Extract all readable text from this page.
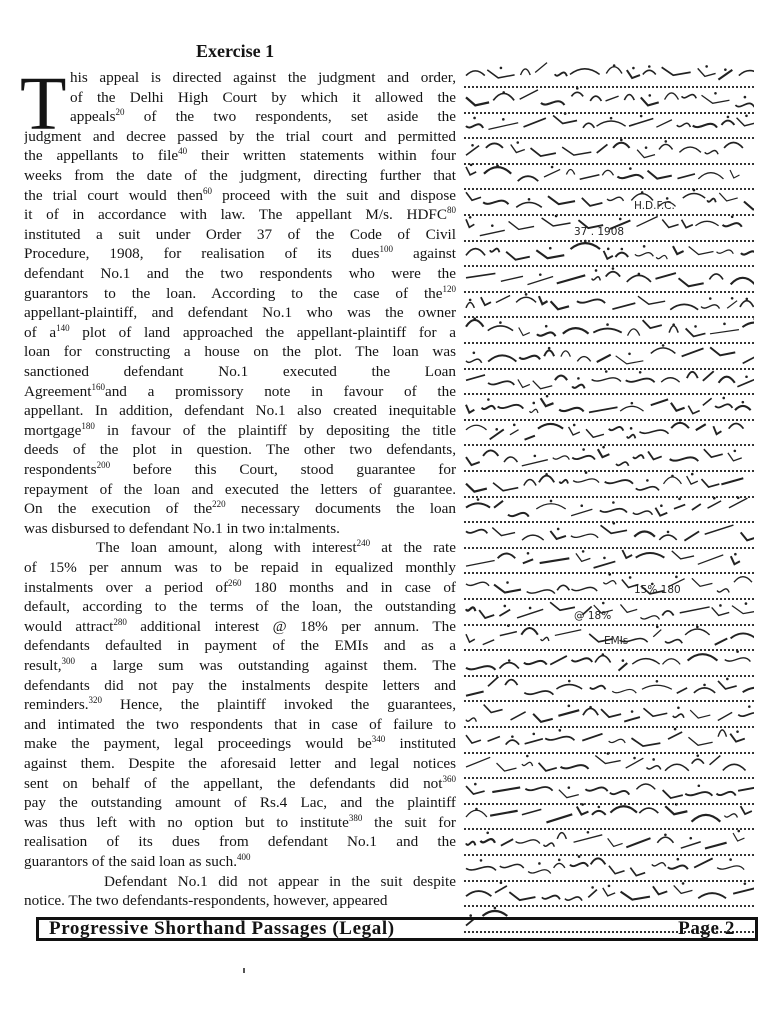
Exercise 1
T his appeal is directed against the judgment and order,
of the Delhi High Court by which it allowed the
appeals$^{20}$ of the two respondents, set aside the
judgment and decree passed by the trial court and permitted
the appellants to file$^{40}$ their written statements within four
weeks from the date of the judgment, directing further that
the trial court would then$^{60}$ proceed with the suit and dispose
it of in accordance with law. The appellant M/s. HDFC$^{80}$
instituted a suit under Order 37 of the Code of Civil
Procedure, 1908, for realisation of its dues$^{100}$ against
defendant No.1 and the two respondents who were the
guarantors to the loan. According to the case of the$^{120}$
appellant-plaintiff, and defendant No.1 who was the owner
of $a^{140}$ plot of land approached the appellant-plaintiff for a
loan for constructing a house on the plot. The loan was
sanctioned defendant No.1 executed the Loan
Agreement$^{160}$and a promissory note in favour of the
appellant. In addition, defendant No.1 also created inequitable
mortgage$^{180}$ in favour of the plaintiff by depositing the title
deeds of the plot in question. The other two defendants,
respondents$^{200}$ before this Court, stood guarantee for
repayment of the loan and executed the letters of guarantee.
On the execution of the$^{220}$ necessary documents the loan
was disbursed to defendant No.1 in two in:talments.
The loan amount, along with interest$^{240}$ at the rate
of 15% per annum was to be repaid in equalized monthly
instalments over a period $of^{260}$ 180 months and in case of
default, according to the terms of the loan, the outstanding
would attract$^{280}$ additional interest @ 18% per annum. The
defendants defaulted in payment of the EMIs and as a
result,$^{300}$ a large sum was outstanding against them. The
defendants did not pay the instalments despite letters and
reminders.$^{320}$ Hence, the plaintiff invoked the guarantees,
and intimated the two respondents that in case of failure to
make the payment, legal proceedings would $be^{340}$ instituted
against them. Despite the aforesaid letter and legal notices
sent on behalf of the appellant, the defendants did not$^{360}$
pay the outstanding amount of Rs.4 Lac, and the plaintiff
was thus left with no option but to institute$^{380}$ the suit for
realisation of its dues from defendant No.1 and the
guarantors of the said loan as such.$^{400}$
Defendant No.1 did not appear in the suit despite
notice. The two defendants-respondents, however, appeared
H.D.F.C.
37 . 1908
15% 180
@ 18%
EMIs
Progressive Shorthand Passages (Legal)	Page 2
